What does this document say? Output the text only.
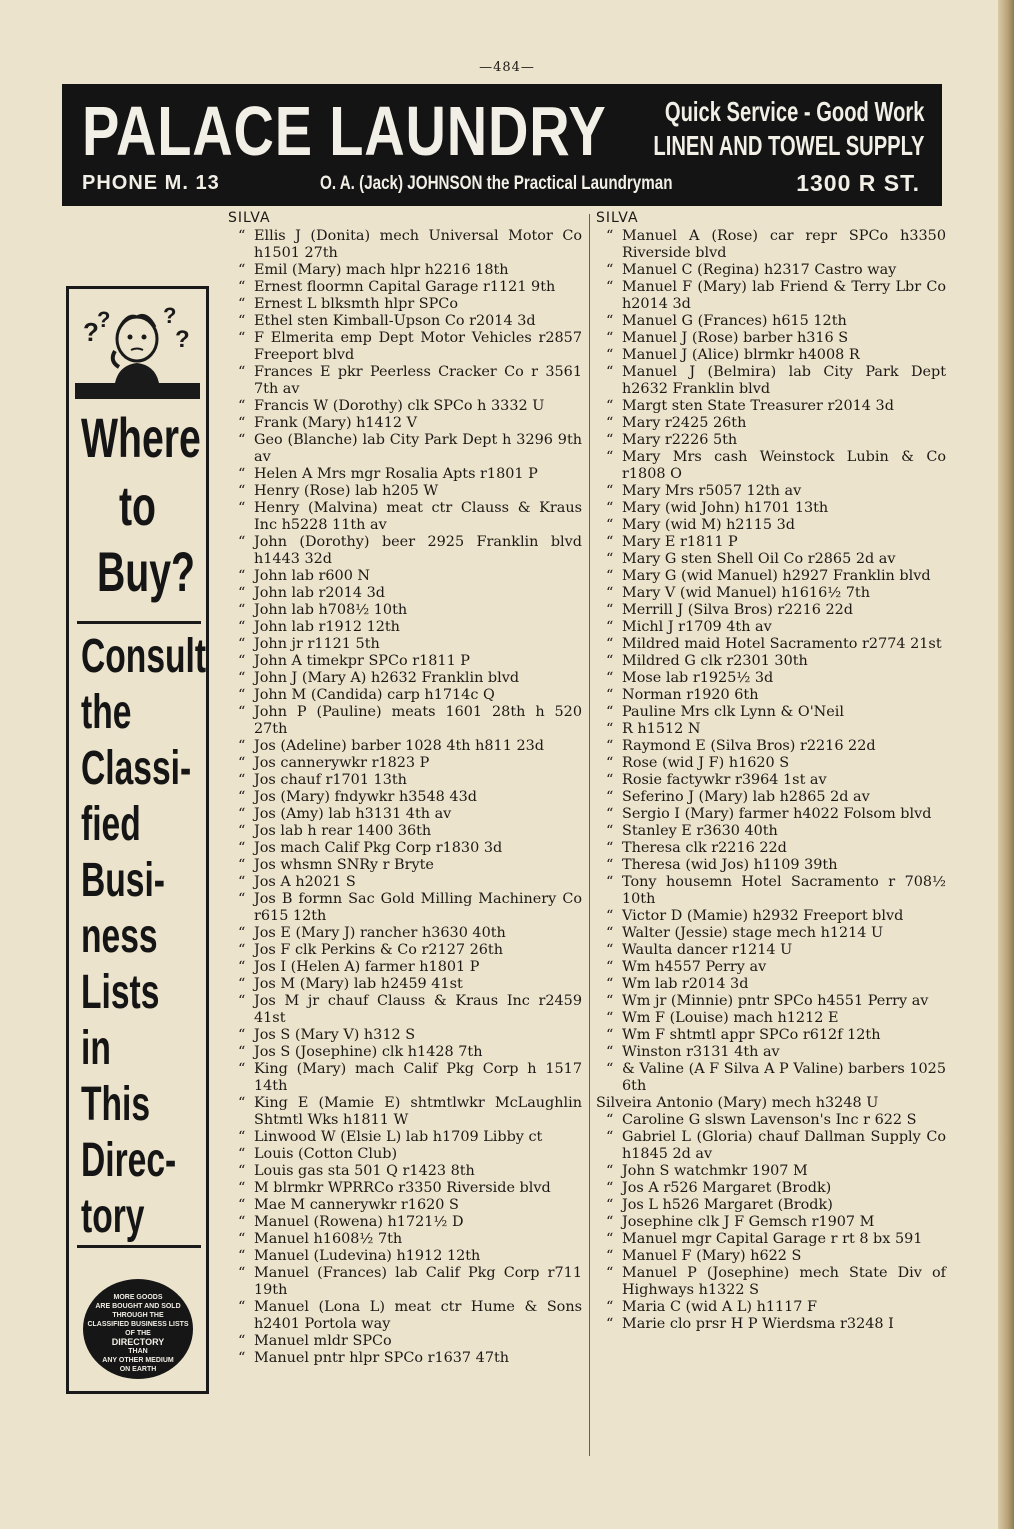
—484—
PALACE LAUNDRY Quick Service - Good Work
LINEN AND TOWEL SUPPLY
PHONE M. 13	O. A. (Jack) JOHNSON the Practical Laundryman	1300 R ST.
?
? ?
?
Where
to
Buy?
Consult
the
Classi-
fied
Busi-
ness
Lists
in
This
Direc-
tory
MORE GOODS
ARE BOUGHT AND SOLD
THROUGH THE
CLASSIFIED BUSINESS LISTS
OF THE

DIRECTORY
THAN
ANY OTHER MEDIUM
ON EARTH
SILVA
“ Ellis J (Donita) mech Universal Motor Co h1501 27th
“ Emil (Mary) mach hlpr h2216 18th
“ Ernest floormn Capital Garage r1121 9th
“ Ernest L blksmth hlpr SPCo
“ Ethel sten Kimball-Upson Co r2014 3d
“ F Elmerita emp Dept Motor Vehicles r2857 Freeport blvd
“ Frances E pkr Peerless Cracker Co r 3561 7th av
“ Francis W (Dorothy) clk SPCo h 3332 U
“ Frank (Mary) h1412 V
“ Geo (Blanche) lab City Park Dept h 3296 9th av
“ Helen A Mrs mgr Rosalia Apts r1801 P
“ Henry (Rose) lab h205 W
“ Henry (Malvina) meat ctr Clauss & Kraus Inc h5228 11th av
“ John (Dorothy) beer 2925 Franklin blvd h1443 32d
“ John lab r600 N
“ John lab r2014 3d
“ John lab h708½ 10th
“ John lab r1912 12th
“ John jr r1121 5th
“ John A timekpr SPCo r1811 P
“ John J (Mary A) h2632 Franklin blvd
“ John M (Candida) carp h1714c Q
“ John P (Pauline) meats 1601 28th h 520 27th
“ Jos (Adeline) barber 1028 4th h811 23d
“ Jos cannerywkr r1823 P
“ Jos chauf r1701 13th
“ Jos (Mary) fndywkr h3548 43d
“ Jos (Amy) lab h3131 4th av
“ Jos lab h rear 1400 36th
“ Jos mach Calif Pkg Corp r1830 3d
“ Jos whsmn SNRy r Bryte
“ Jos A h2021 S
“ Jos B formn Sac Gold Milling Machinery Co r615 12th
“ Jos E (Mary J) rancher h3630 40th
“ Jos F clk Perkins & Co r2127 26th
“ Jos I (Helen A) farmer h1801 P
“ Jos M (Mary) lab h2459 41st
“ Jos M jr chauf Clauss & Kraus Inc r2459 41st
“ Jos S (Mary V) h312 S
“ Jos S (Josephine) clk h1428 7th
“ King (Mary) mach Calif Pkg Corp h 1517 14th
“ King E (Mamie E) shtmtlwkr McLaughlin Shtmtl Wks h1811 W
“ Linwood W (Elsie L) lab h1709 Libby ct
“ Louis (Cotton Club)
“ Louis gas sta 501 Q r1423 8th
“ M blrmkr WPRRCo r3350 Riverside blvd
“ Mae M cannerywkr r1620 S
“ Manuel (Rowena) h1721½ D
“ Manuel h1608½ 7th
“ Manuel (Ludevina) h1912 12th
“ Manuel (Frances) lab Calif Pkg Corp r711 19th
“ Manuel (Lona L) meat ctr Hume & Sons h2401 Portola way
“ Manuel mldr SPCo
“ Manuel pntr hlpr SPCo r1637 47th
SILVA
“ Manuel A (Rose) car repr SPCo h3350 Riverside blvd
“ Manuel C (Regina) h2317 Castro way
“ Manuel F (Mary) lab Friend & Terry Lbr Co h2014 3d
“ Manuel G (Frances) h615 12th
“ Manuel J (Rose) barber h316 S
“ Manuel J (Alice) blrmkr h4008 R
“ Manuel J (Belmira) lab City Park Dept h2632 Franklin blvd
“ Margt sten State Treasurer r2014 3d
“ Mary r2425 26th
“ Mary r2226 5th
“ Mary Mrs cash Weinstock Lubin & Co r1808 O
“ Mary Mrs r5057 12th av
“ Mary (wid John) h1701 13th
“ Mary (wid M) h2115 3d
“ Mary E r1811 P
“ Mary G sten Shell Oil Co r2865 2d av
“ Mary G (wid Manuel) h2927 Franklin blvd
“ Mary V (wid Manuel) h1616½ 7th
“ Merrill J (Silva Bros) r2216 22d
“ Michl J r1709 4th av
“ Mildred maid Hotel Sacramento r2774 21st
“ Mildred G clk r2301 30th
“ Mose lab r1925½ 3d
“ Norman r1920 6th
“ Pauline Mrs clk Lynn & O'Neil
“ R h1512 N
“ Raymond E (Silva Bros) r2216 22d
“ Rose (wid J F) h1620 S
“ Rosie factywkr r3964 1st av
“ Seferino J (Mary) lab h2865 2d av
“ Sergio I (Mary) farmer h4022 Folsom blvd
“ Stanley E r3630 40th
“ Theresa clk r2216 22d
“ Theresa (wid Jos) h1109 39th
“ Tony housemn Hotel Sacramento r 708½ 10th
“ Victor D (Mamie) h2932 Freeport blvd
“ Walter (Jessie) stage mech h1214 U
“ Waulta dancer r1214 U
“ Wm h4557 Perry av
“ Wm lab r2014 3d
“ Wm jr (Minnie) pntr SPCo h4551 Perry av
“ Wm F (Louise) mach h1212 E
“ Wm F shtmtl appr SPCo r612f 12th
“ Winston r3131 4th av
“ & Valine (A F Silva A P Valine) barbers 1025 6th
Silveira Antonio (Mary) mech h3248 U
“ Caroline G slswn Lavenson's Inc r 622 S
“ Gabriel L (Gloria) chauf Dallman Supply Co h1845 2d av
“ John S watchmkr 1907 M
“ Jos A r526 Margaret (Brodk)
“ Jos L h526 Margaret (Brodk)
“ Josephine clk J F Gemsch r1907 M
“ Manuel mgr Capital Garage r rt 8 bx 591
“ Manuel F (Mary) h622 S
“ Manuel P (Josephine) mech State Div of Highways h1322 S
“ Maria C (wid A L) h1117 F
“ Marie clo prsr H P Wierdsma r3248 I
